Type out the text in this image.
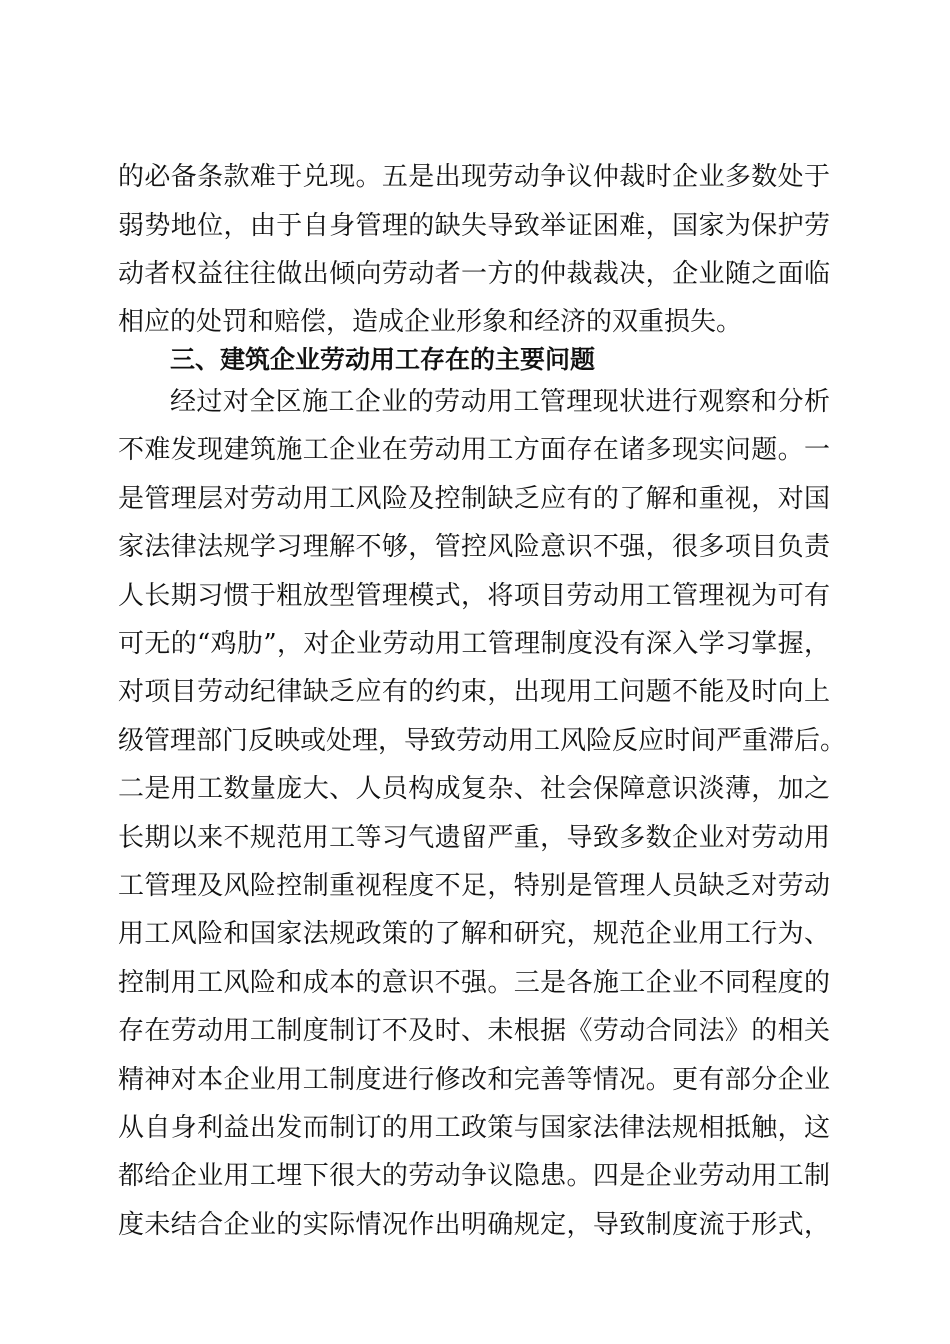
的必备条款难于兑现。五是出现劳动争议仲裁时企业多数处于
弱势地位，由于自身管理的缺失导致举证困难，国家为保护劳
动者权益往往做出倾向劳动者一方的仲裁裁决，企业随之面临
相应的处罚和赔偿，造成企业形象和经济的双重损失。
三、建筑企业劳动用工存在的主要问题
经过对全区施工企业的劳动用工管理现状进行观察和分析
不难发现建筑施工企业在劳动用工方面存在诸多现实问题。一
是管理层对劳动用工风险及控制缺乏应有的了解和重视，对国
家法律法规学习理解不够，管控风险意识不强，很多项目负责
人长期习惯于粗放型管理模式，将项目劳动用工管理视为可有
可无的“鸡肋”，对企业劳动用工管理制度没有深入学习掌握，
对项目劳动纪律缺乏应有的约束，出现用工问题不能及时向上
级管理部门反映或处理，导致劳动用工风险反应时间严重滞后。
二是用工数量庞大、人员构成复杂、社会保障意识淡薄，加之
长期以来不规范用工等习气遗留严重，导致多数企业对劳动用
工管理及风险控制重视程度不足，特别是管理人员缺乏对劳动
用工风险和国家法规政策的了解和研究，规范企业用工行为、
控制用工风险和成本的意识不强。三是各施工企业不同程度的
存在劳动用工制度制订不及时、未根据《劳动合同法》的相关
精神对本企业用工制度进行修改和完善等情况。更有部分企业
从自身利益出发而制订的用工政策与国家法律法规相抵触，这
都给企业用工埋下很大的劳动争议隐患。四是企业劳动用工制
度未结合企业的实际情况作出明确规定，导致制度流于形式，
